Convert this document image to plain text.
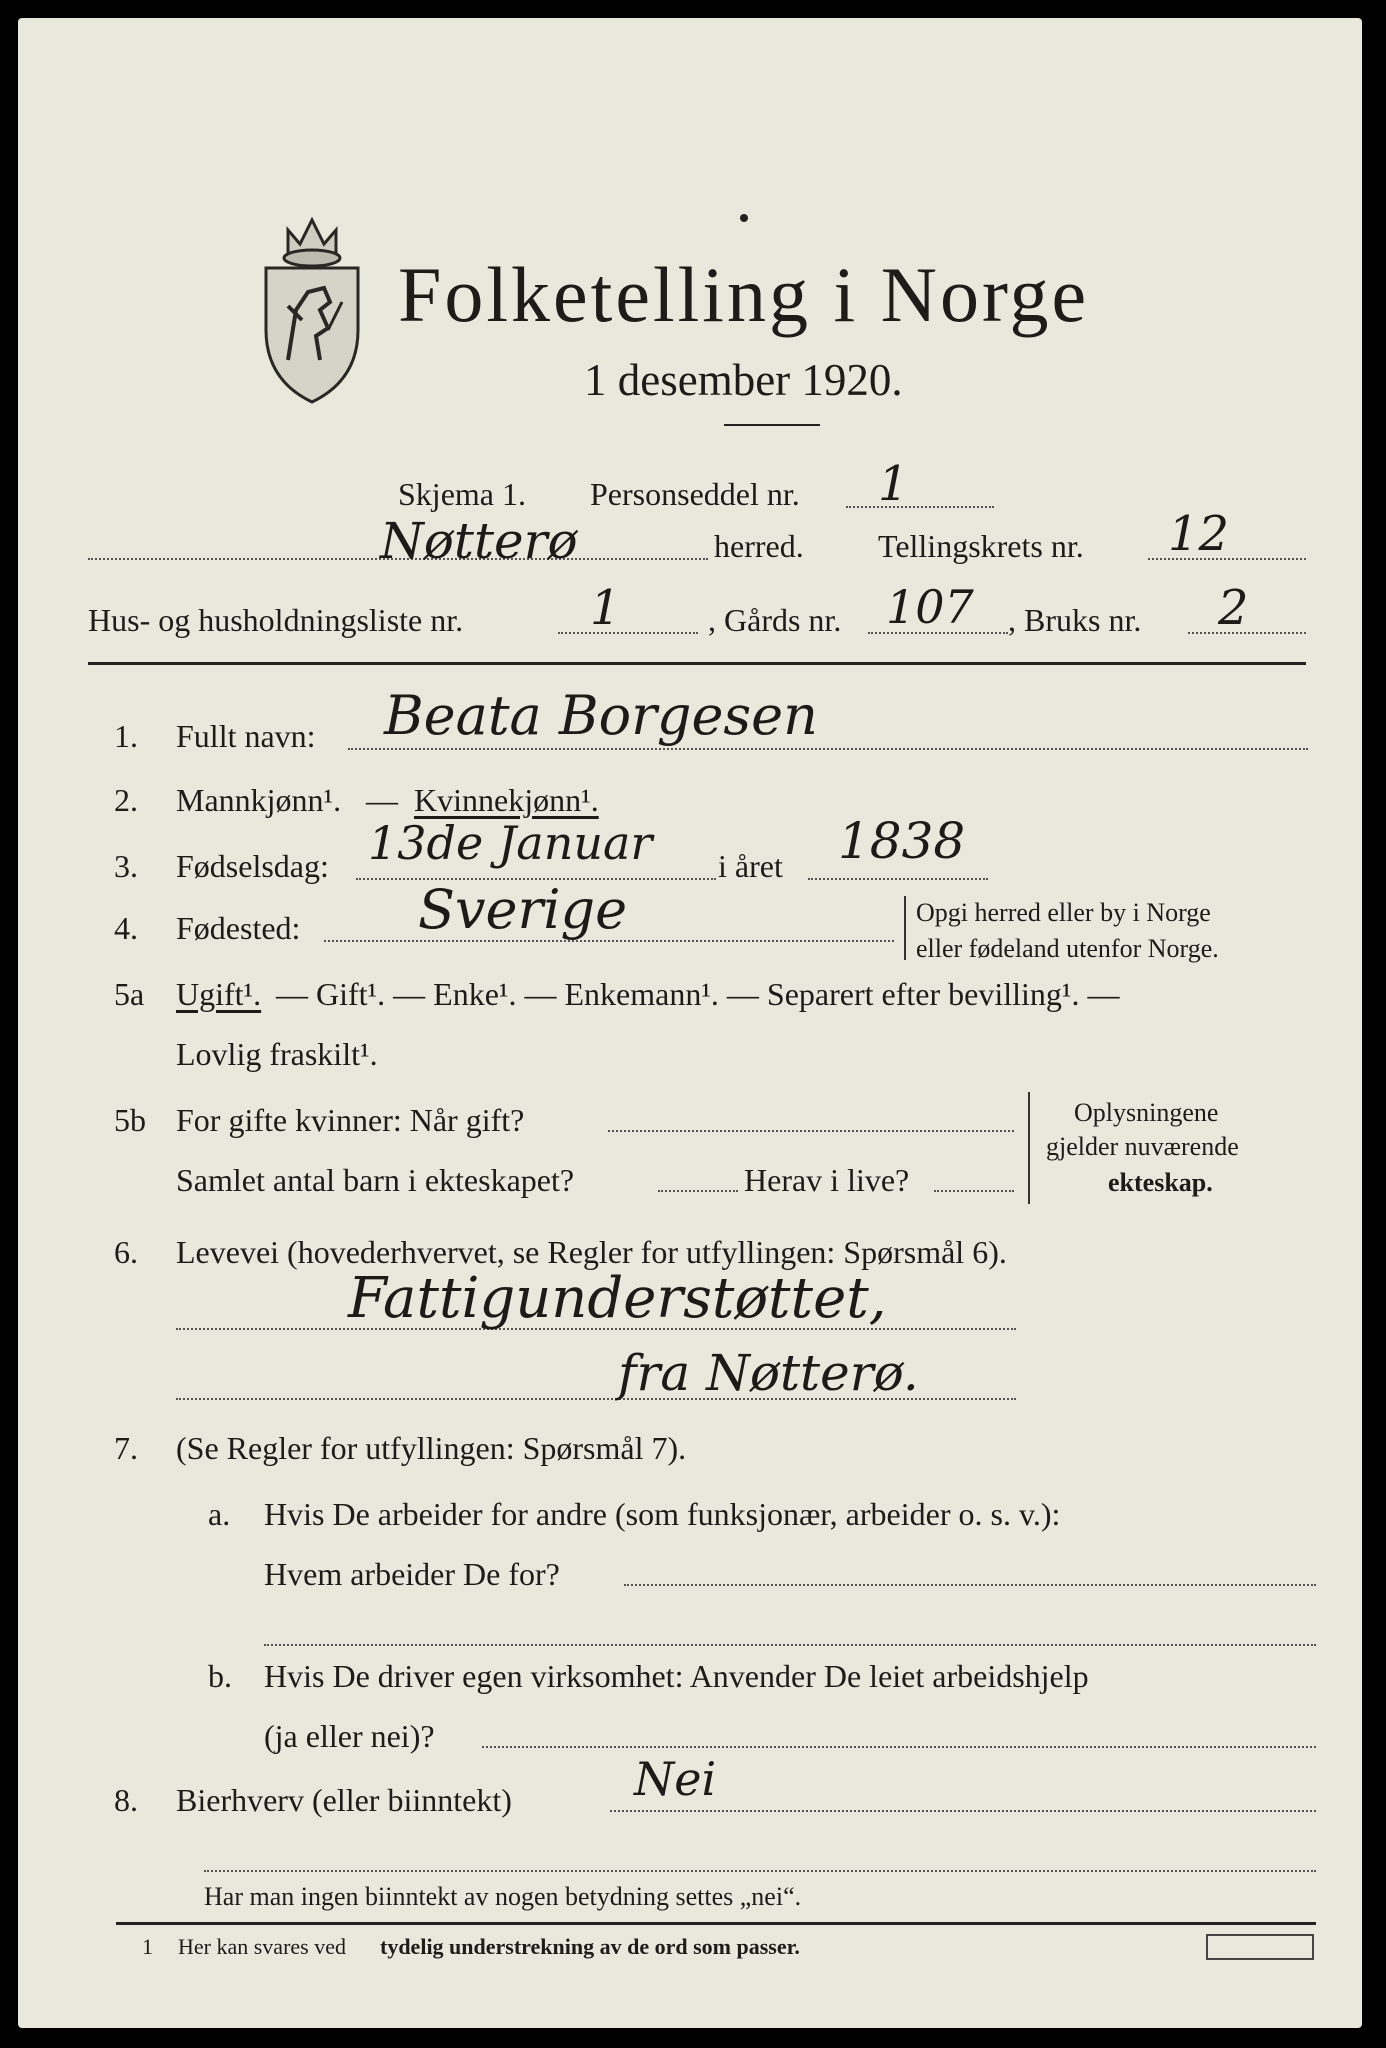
Folketelling i Norge
1 desember 1920.
Skjema 1. Personseddel nr. 1
Nøtterø	herred. Tellingskrets nr. 12
Hus- og husholdningsliste nr.	1	, Gårds nr. 107 , Bruks nr. 2
1. Fullt navn: Beata Borgesen
2. Mannkjønn¹. — Kvinnekjønn¹.
3. Fødselsdag: 13de Januar i året 1838
4. Fødested: Sverige	Opgi herred eller by i Norge
eller fødeland utenfor Norge.
5a Ugift¹. — Gift¹. — Enke¹. — Enkemann¹. — Separert efter bevilling¹. —
Lovlig fraskilt¹.
5b For gifte kvinner: Når gift?
Samlet antal barn i ekteskapet?	Herav i live?
Oplysningene
gjelder nuværende
ekteskap.
6. Levevei (hovederhvervet, se Regler for utfyllingen: Spørsmål 6).
Fattigunderstøttet,
fra Nøtterø.
7. (Se Regler for utfyllingen: Spørsmål 7).
a. Hvis De arbeider for andre (som funksjonær, arbeider o. s. v.):
Hvem arbeider De for?
b. Hvis De driver egen virksomhet: Anvender De leiet arbeidshjelp
(ja eller nei)?
8. Bierhverv (eller biinntekt)	Nei
Har man ingen biinntekt av nogen betydning settes „nei“.
1 Her kan svares ved tydelig understrekning av de ord som passer.
